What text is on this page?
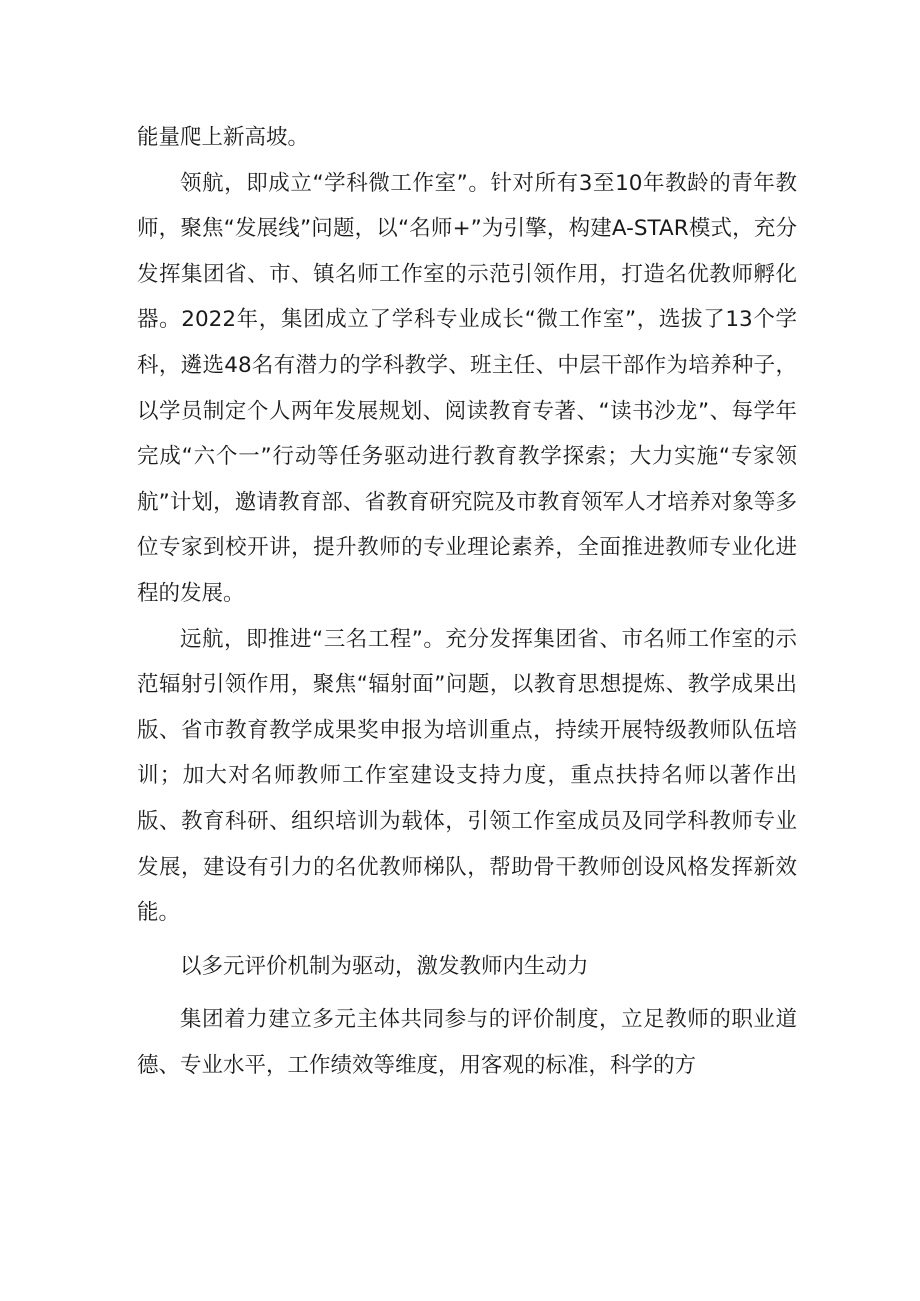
能量爬上新高坡。

领航，即成立“学科微工作室”。针对所有3至10年教龄的青年教师，聚焦“发展线”问题，以“名师+”为引擎，构建A-STAR模式，充分发挥集团省、市、镇名师工作室的示范引领作用，打造名优教师孵化器。2022年，集团成立了学科专业成长“微工作室”，选拔了13个学科，遴选48名有潜力的学科教学、班主任、中层干部作为培养种子，以学员制定个人两年发展规划、阅读教育专著、“读书沙龙”、每学年完成“六个一”行动等任务驱动进行教育教学探索；大力实施“专家领航”计划，邀请教育部、省教育研究院及市教育领军人才培养对象等多位专家到校开讲，提升教师的专业理论素养，全面推进教师专业化进程的发展。

远航，即推进“三名工程”。充分发挥集团省、市名师工作室的示范辐射引领作用，聚焦“辐射面”问题，以教育思想提炼、教学成果出版、省市教育教学成果奖申报为培训重点，持续开展特级教师队伍培训；加大对名师教师工作室建设支持力度，重点扶持名师以著作出版、教育科研、组织培训为载体，引领工作室成员及同学科教师专业发展，建设有引力的名优教师梯队，帮助骨干教师创设风格发挥新效能。

以多元评价机制为驱动，激发教师内生动力

集团着力建立多元主体共同参与的评价制度，立足教师的职业道德、专业水平，工作绩效等维度，用客观的标准，科学的方
